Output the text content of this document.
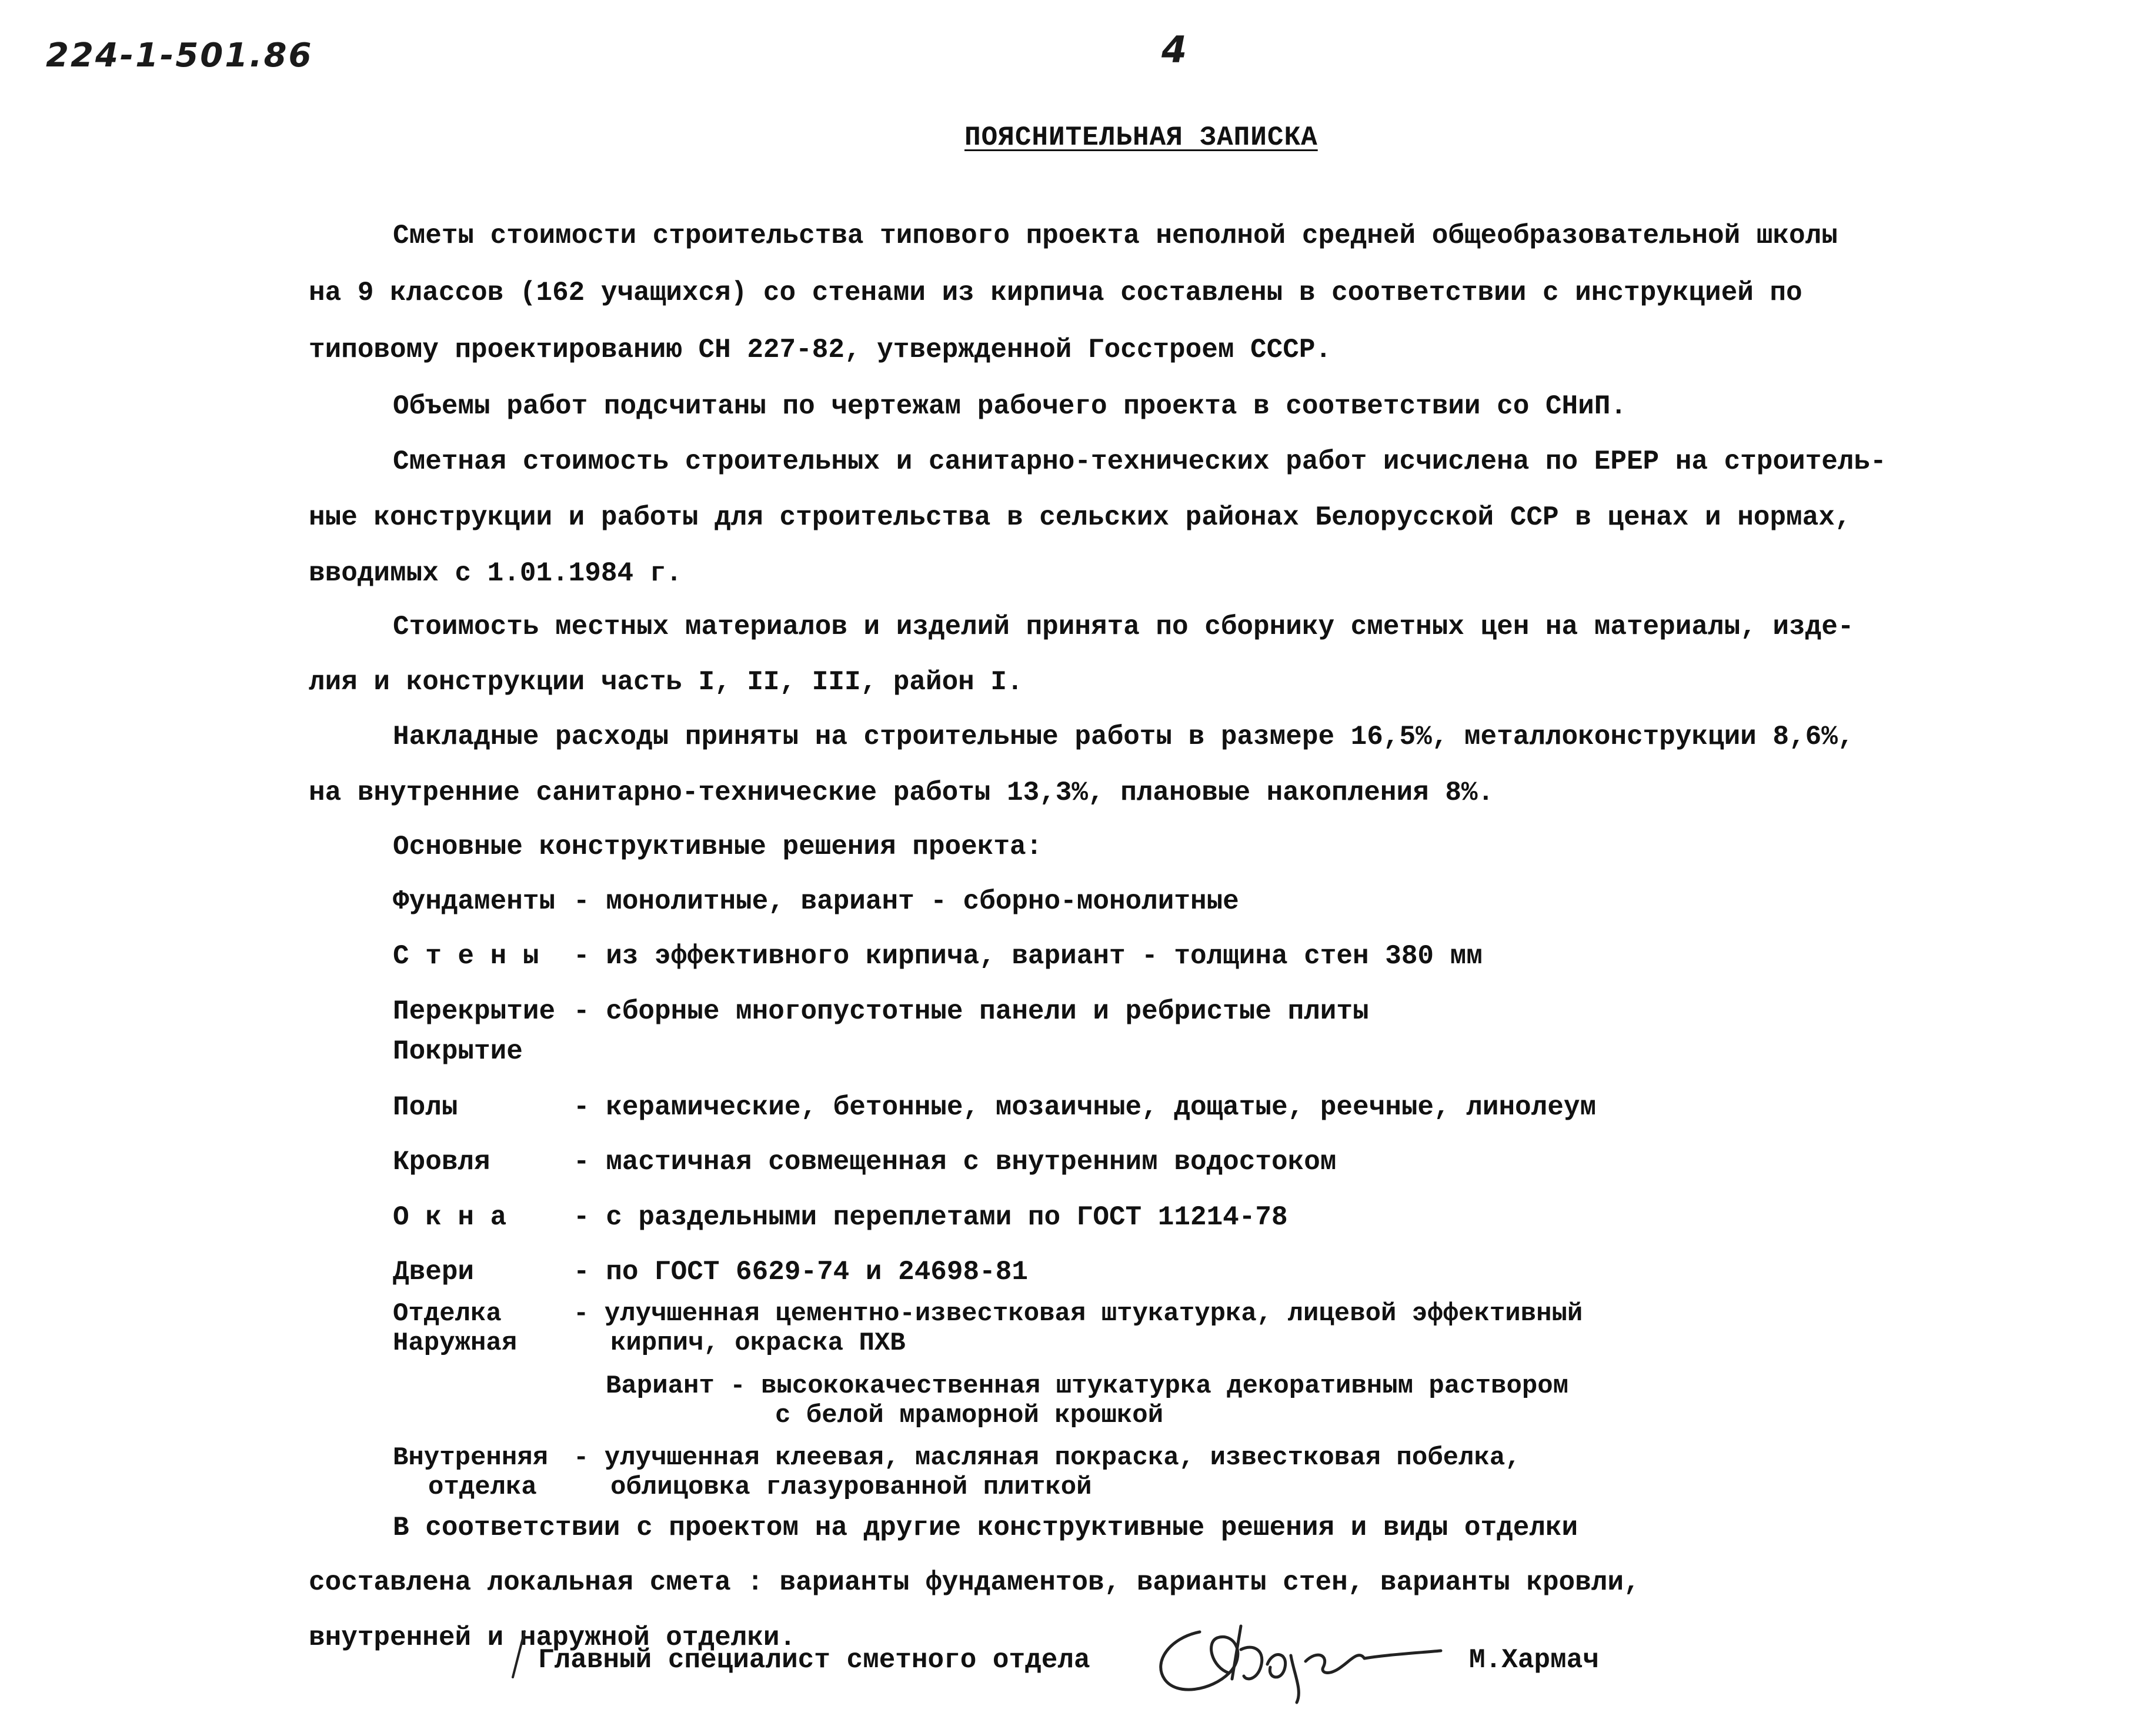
224-1-501.86	4
ПОЯСНИТЕЛЬНАЯ ЗАПИСКА
Сметы стоимости строительства типового проекта неполной средней общеобразовательной школы
на 9 классов (162 учащихся) со стенами из кирпича составлены в соответствии с инструкцией по
типовому проектированию СН 227-82, утвержденной Госстроем СССР.
Объемы работ подсчитаны по чертежам рабочего проекта в соответствии со СНиП.
Сметная стоимость строительных и санитарно-технических работ исчислена по ЕРЕР на строитель-
ные конструкции и работы для строительства в сельских районах Белорусской ССР в ценах и нормах,
вводимых с 1.01.1984 г.
Стоимость местных материалов и изделий принята по сборнику сметных цен на материалы, изде-
лия и конструкции часть I, II, III, район I.
Накладные расходы приняты на строительные работы в размере 16,5%, металлоконструкции 8,6%,
на внутренние санитарно-технические работы 13,3%, плановые накопления 8%.
Основные конструктивные решения проекта:
Фундаменты - монолитные, вариант - сборно-монолитные
С т е н ы - из эффективного кирпича, вариант - толщина стен 380 мм
Перекрытие - сборные многопустотные панели и ребристые плиты
Покрытие
Полы	- керамические, бетонные, мозаичные, дощатые, реечные, линолеум
Кровля	- мастичная совмещенная с внутренним водостоком
О к н а - с раздельными переплетами по ГОСТ 11214-78
Двери	- по ГОСТ 6629-74 и 24698-81
Отделка
Наружная
- улучшенная цементно-известковая штукатурка, лицевой эффективный
кирпич, окраска ПХВ
Вариант - высококачественная штукатурка декоративным раствором
с белой мраморной крошкой
Внутренняя
отделка
- улучшенная клеевая, масляная покраска, известковая побелка,
облицовка глазурованной плиткой
В соответствии с проектом на другие конструктивные решения и виды отделки
составлена локальная смета : варианты фундаментов, варианты стен, варианты кровли,
внутренней и наружной отделки.
Главный специалист сметного отдела	М.Хармач
